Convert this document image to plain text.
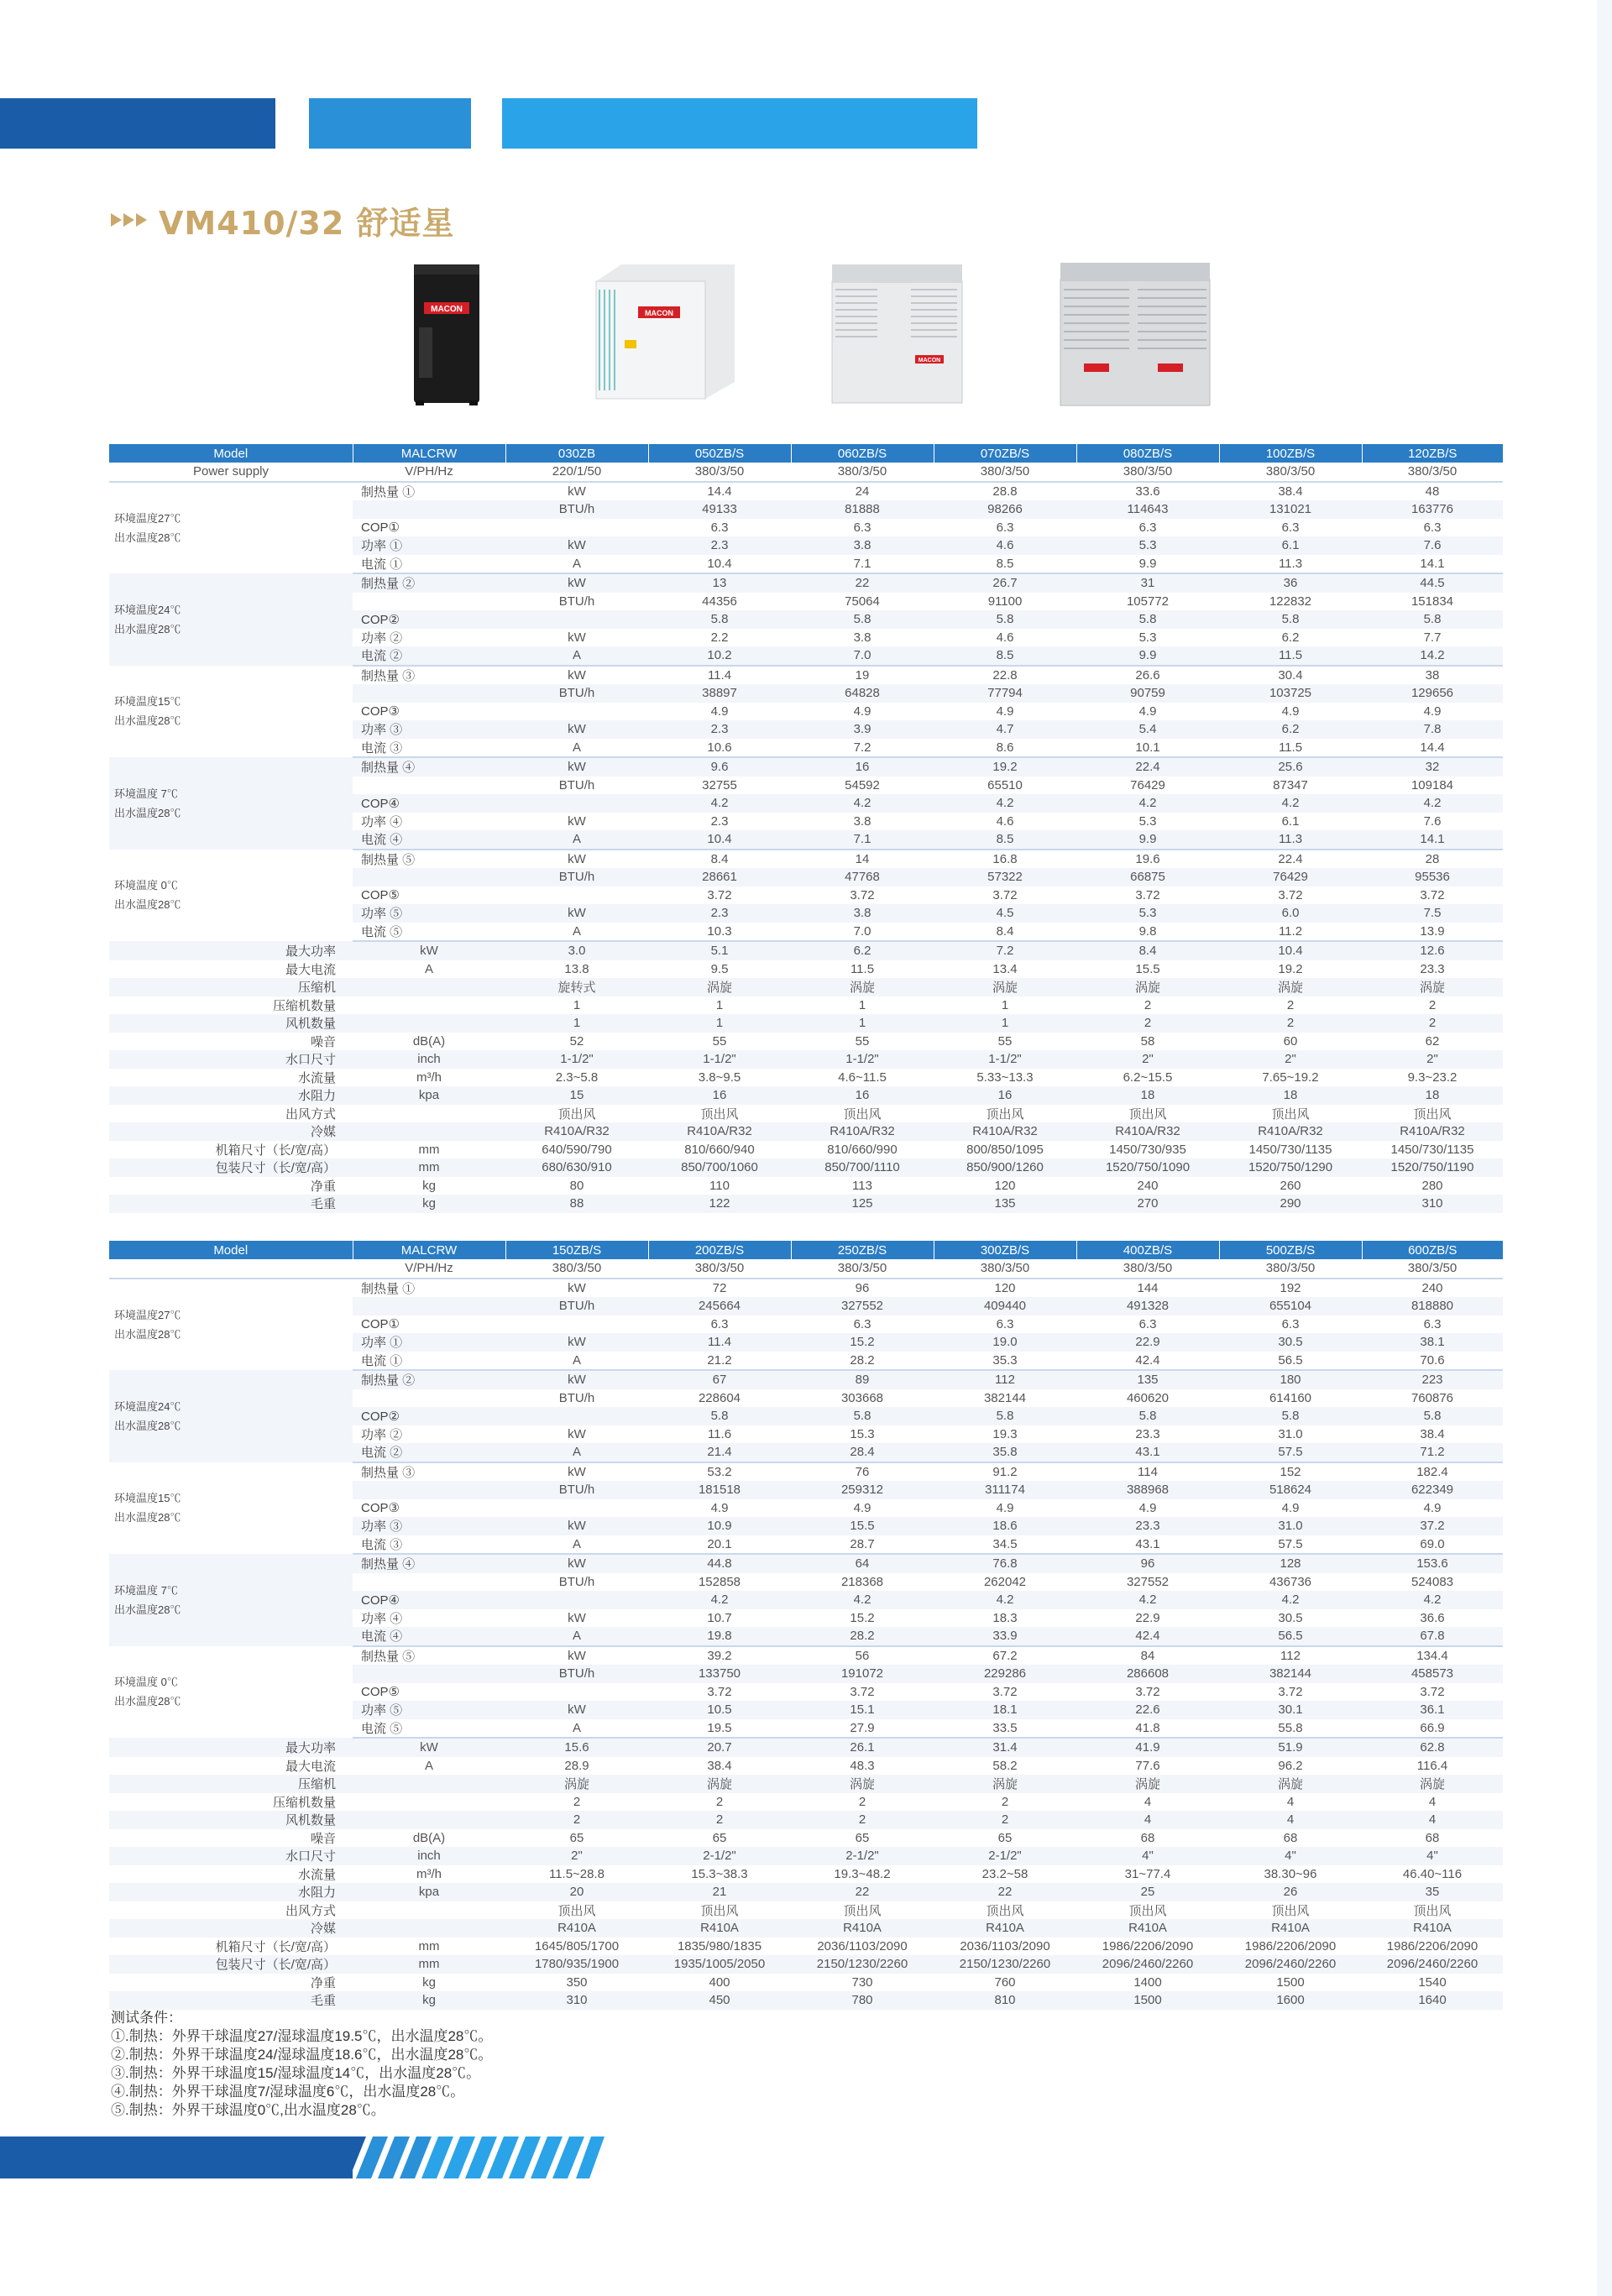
VM410/32 舒适星
MACON	MACON
MACON
Model	MALCRW	030ZB	050ZB/S	060ZB/S	070ZB/S	080ZB/S	100ZB/S	120ZB/S	
Power supply	V/PH/Hz	220/1/50	380/3/50	380/3/50	380/3/50	380/3/50	380/3/50	380/3/50	
环境温度27℃
出水温度28℃	制热量 ①	kW	14.4	24	28.8	33.6	38.4	48	
		BTU/h	49133	81888	98266	114643	131021	163776	
	COP①		6.3	6.3	6.3	6.3	6.3	6.3	
	功率 ①	kW	2.3	3.8	4.6	5.3	6.1	7.6	
	电流 ①	A	10.4	7.1	8.5	9.9	11.3	14.1	
环境温度24℃
出水温度28℃	制热量 ②	kW	13	22	26.7	31	36	44.5	
		BTU/h	44356	75064	91100	105772	122832	151834	
	COP②		5.8	5.8	5.8	5.8	5.8	5.8	
	功率 ②	kW	2.2	3.8	4.6	5.3	6.2	7.7	
	电流 ②	A	10.2	7.0	8.5	9.9	11.5	14.2	
环境温度15℃
出水温度28℃	制热量 ③	kW	11.4	19	22.8	26.6	30.4	38	
		BTU/h	38897	64828	77794	90759	103725	129656	
	COP③		4.9	4.9	4.9	4.9	4.9	4.9	
	功率 ③	kW	2.3	3.9	4.7	5.4	6.2	7.8	
	电流 ③	A	10.6	7.2	8.6	10.1	11.5	14.4	
环境温度 7℃
出水温度28℃	制热量 ④	kW	9.6	16	19.2	22.4	25.6	32	
		BTU/h	32755	54592	65510	76429	87347	109184	
	COP④		4.2	4.2	4.2	4.2	4.2	4.2	
	功率 ④	kW	2.3	3.8	4.6	5.3	6.1	7.6	
	电流 ④	A	10.4	7.1	8.5	9.9	11.3	14.1	
环境温度 0℃
出水温度28℃	制热量 ⑤	kW	8.4	14	16.8	19.6	22.4	28	
		BTU/h	28661	47768	57322	66875	76429	95536	
	COP⑤		3.72	3.72	3.72	3.72	3.72	3.72	
	功率 ⑤	kW	2.3	3.8	4.5	5.3	6.0	7.5	
	电流 ⑤	A	10.3	7.0	8.4	9.8	11.2	13.9	
最大功率	kW	3.0	5.1	6.2	7.2	8.4	10.4	12.6	
最大电流	A	13.8	9.5	11.5	13.4	15.5	19.2	23.3	
压缩机		旋转式	涡旋	涡旋	涡旋	涡旋	涡旋	涡旋	
压缩机数量		1	1	1	1	2	2	2	
风机数量		1	1	1	1	2	2	2	
噪音	dB(A)	52	55	55	55	58	60	62	
水口尺寸	inch	1-1/2"	1-1/2"	1-1/2"	1-1/2"	2"	2"	2"	
水流量	m³/h	2.3~5.8	3.8~9.5	4.6~11.5	5.33~13.3	6.2~15.5	7.65~19.2	9.3~23.2	
水阻力	kpa	15	16	16	16	18	18	18	
出风方式		顶出风	顶出风	顶出风	顶出风	顶出风	顶出风	顶出风	
冷媒		R410A/R32	R410A/R32	R410A/R32	R410A/R32	R410A/R32	R410A/R32	R410A/R32	
机箱尺寸（长/宽/高）	mm	640/590/790	810/660/940	810/660/990	800/850/1095	1450/730/935	1450/730/1135	1450/730/1135	
包装尺寸（长/宽/高）	mm	680/630/910	850/700/1060	850/700/1110	850/900/1260	1520/750/1090	1520/750/1290	1520/750/1190	
净重	kg	80	110	113	120	240	260	280	
毛重	kg	88	122	125	135	270	290	310	
Model	MALCRW	150ZB/S	200ZB/S	250ZB/S	300ZB/S	400ZB/S	500ZB/S	600ZB/S	
	V/PH/Hz	380/3/50	380/3/50	380/3/50	380/3/50	380/3/50	380/3/50	380/3/50	
环境温度27℃
出水温度28℃	制热量 ①	kW	72	96	120	144	192	240	
		BTU/h	245664	327552	409440	491328	655104	818880	
	COP①		6.3	6.3	6.3	6.3	6.3	6.3	
	功率 ①	kW	11.4	15.2	19.0	22.9	30.5	38.1	
	电流 ①	A	21.2	28.2	35.3	42.4	56.5	70.6	
环境温度24℃
出水温度28℃	制热量 ②	kW	67	89	112	135	180	223	
		BTU/h	228604	303668	382144	460620	614160	760876	
	COP②		5.8	5.8	5.8	5.8	5.8	5.8	
	功率 ②	kW	11.6	15.3	19.3	23.3	31.0	38.4	
	电流 ②	A	21.4	28.4	35.8	43.1	57.5	71.2	
环境温度15℃
出水温度28℃	制热量 ③	kW	53.2	76	91.2	114	152	182.4	
		BTU/h	181518	259312	311174	388968	518624	622349	
	COP③		4.9	4.9	4.9	4.9	4.9	4.9	
	功率 ③	kW	10.9	15.5	18.6	23.3	31.0	37.2	
	电流 ③	A	20.1	28.7	34.5	43.1	57.5	69.0	
环境温度 7℃
出水温度28℃	制热量 ④	kW	44.8	64	76.8	96	128	153.6	
		BTU/h	152858	218368	262042	327552	436736	524083	
	COP④		4.2	4.2	4.2	4.2	4.2	4.2	
	功率 ④	kW	10.7	15.2	18.3	22.9	30.5	36.6	
	电流 ④	A	19.8	28.2	33.9	42.4	56.5	67.8	
环境温度 0℃
出水温度28℃	制热量 ⑤	kW	39.2	56	67.2	84	112	134.4	
		BTU/h	133750	191072	229286	286608	382144	458573	
	COP⑤		3.72	3.72	3.72	3.72	3.72	3.72	
	功率 ⑤	kW	10.5	15.1	18.1	22.6	30.1	36.1	
	电流 ⑤	A	19.5	27.9	33.5	41.8	55.8	66.9	
最大功率	kW	15.6	20.7	26.1	31.4	41.9	51.9	62.8	
最大电流	A	28.9	38.4	48.3	58.2	77.6	96.2	116.4	
压缩机		涡旋	涡旋	涡旋	涡旋	涡旋	涡旋	涡旋	
压缩机数量		2	2	2	2	4	4	4	
风机数量		2	2	2	2	4	4	4	
噪音	dB(A)	65	65	65	65	68	68	68	
水口尺寸	inch	2"	2-1/2"	2-1/2"	2-1/2"	4"	4"	4"	
水流量	m³/h	11.5~28.8	15.3~38.3	19.3~48.2	23.2~58	31~77.4	38.30~96	46.40~116	
水阻力	kpa	20	21	22	22	25	26	35	
出风方式		顶出风	顶出风	顶出风	顶出风	顶出风	顶出风	顶出风	
冷媒		R410A	R410A	R410A	R410A	R410A	R410A	R410A	
机箱尺寸（长/宽/高）	mm	1645/805/1700	1835/980/1835	2036/1103/2090	2036/1103/2090	1986/2206/2090	1986/2206/2090	1986/2206/2090	
包装尺寸（长/宽/高）	mm	1780/935/1900	1935/1005/2050	2150/1230/2260	2150/1230/2260	2096/2460/2260	2096/2460/2260	2096/2460/2260	
净重	kg	350	400	730	760	1400	1500	1540	
毛重	kg	310	450	780	810	1500	1600	1640	
测试条件：
①.制热：外界干球温度27/湿球温度19.5℃，出水温度28℃。
②.制热：外界干球温度24/湿球温度18.6℃，出水温度28℃。
③.制热：外界干球温度15/湿球温度14℃，出水温度28℃。
④.制热：外界干球温度7/湿球温度6℃，出水温度28℃。
⑤.制热：外界干球温度0℃,出水温度28℃。
